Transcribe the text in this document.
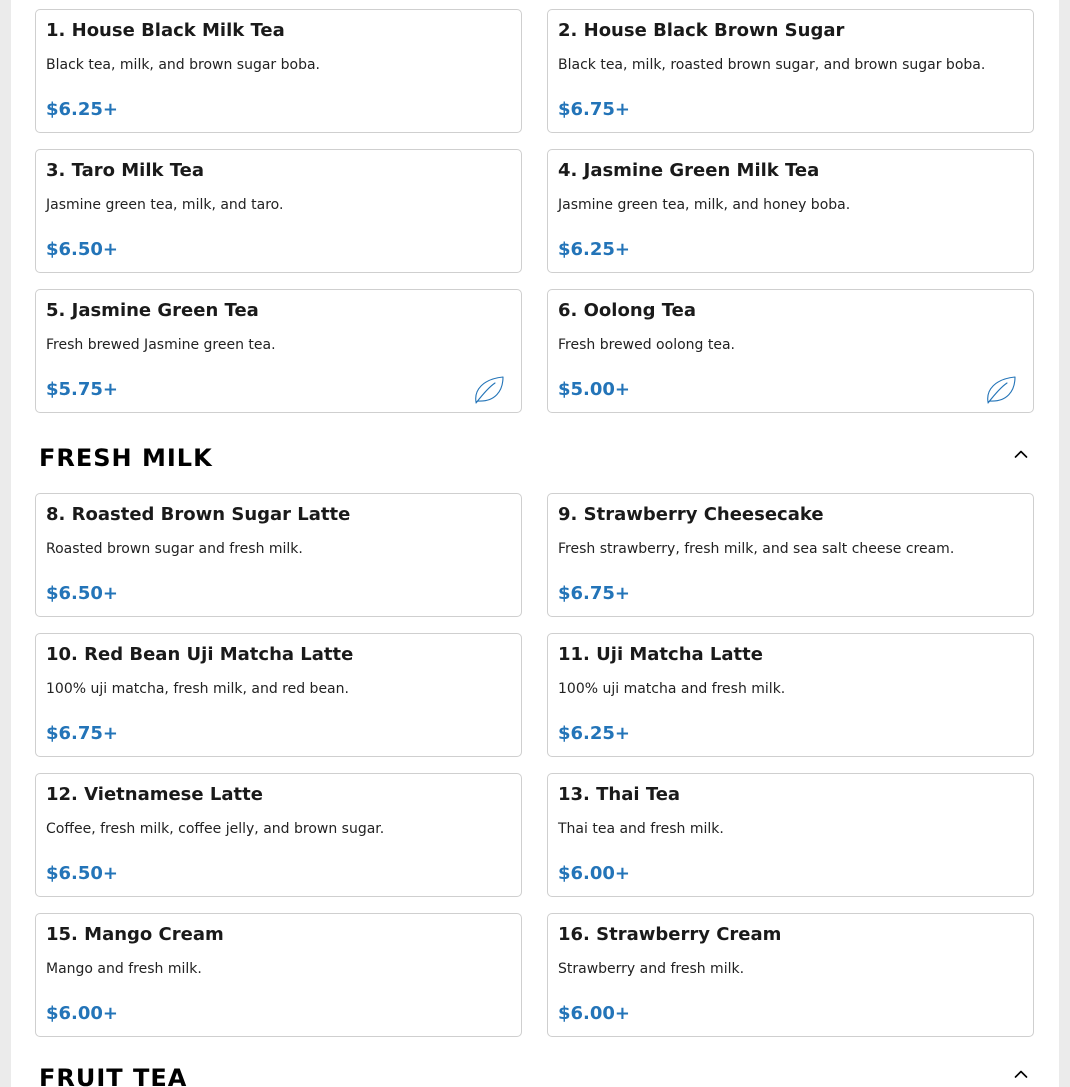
1. House Black Milk Tea
Black tea, milk, and brown sugar boba.
$6.25+
2. House Black Brown Sugar
Black tea, milk, roasted brown sugar, and brown sugar boba.
$6.75+
3. Taro Milk Tea
Jasmine green tea, milk, and taro.
$6.50+
4. Jasmine Green Milk Tea
Jasmine green tea, milk, and honey boba.
$6.25+
5. Jasmine Green Tea
Fresh brewed Jasmine green tea.
$5.75+
6. Oolong Tea
Fresh brewed oolong tea.
$5.00+
FRESH MILK
8. Roasted Brown Sugar Latte
Roasted brown sugar and fresh milk.
$6.50+
9. Strawberry Cheesecake
Fresh strawberry, fresh milk, and sea salt cheese cream.
$6.75+
10. Red Bean Uji Matcha Latte
100% uji matcha, fresh milk, and red bean.
$6.75+
11. Uji Matcha Latte
100% uji matcha and fresh milk.
$6.25+
12. Vietnamese Latte
Coffee, fresh milk, coffee jelly, and brown sugar.
$6.50+
13. Thai Tea
Thai tea and fresh milk.
$6.00+
15. Mango Cream
Mango and fresh milk.
$6.00+
16. Strawberry Cream
Strawberry and fresh milk.
$6.00+
FRUIT TEA
